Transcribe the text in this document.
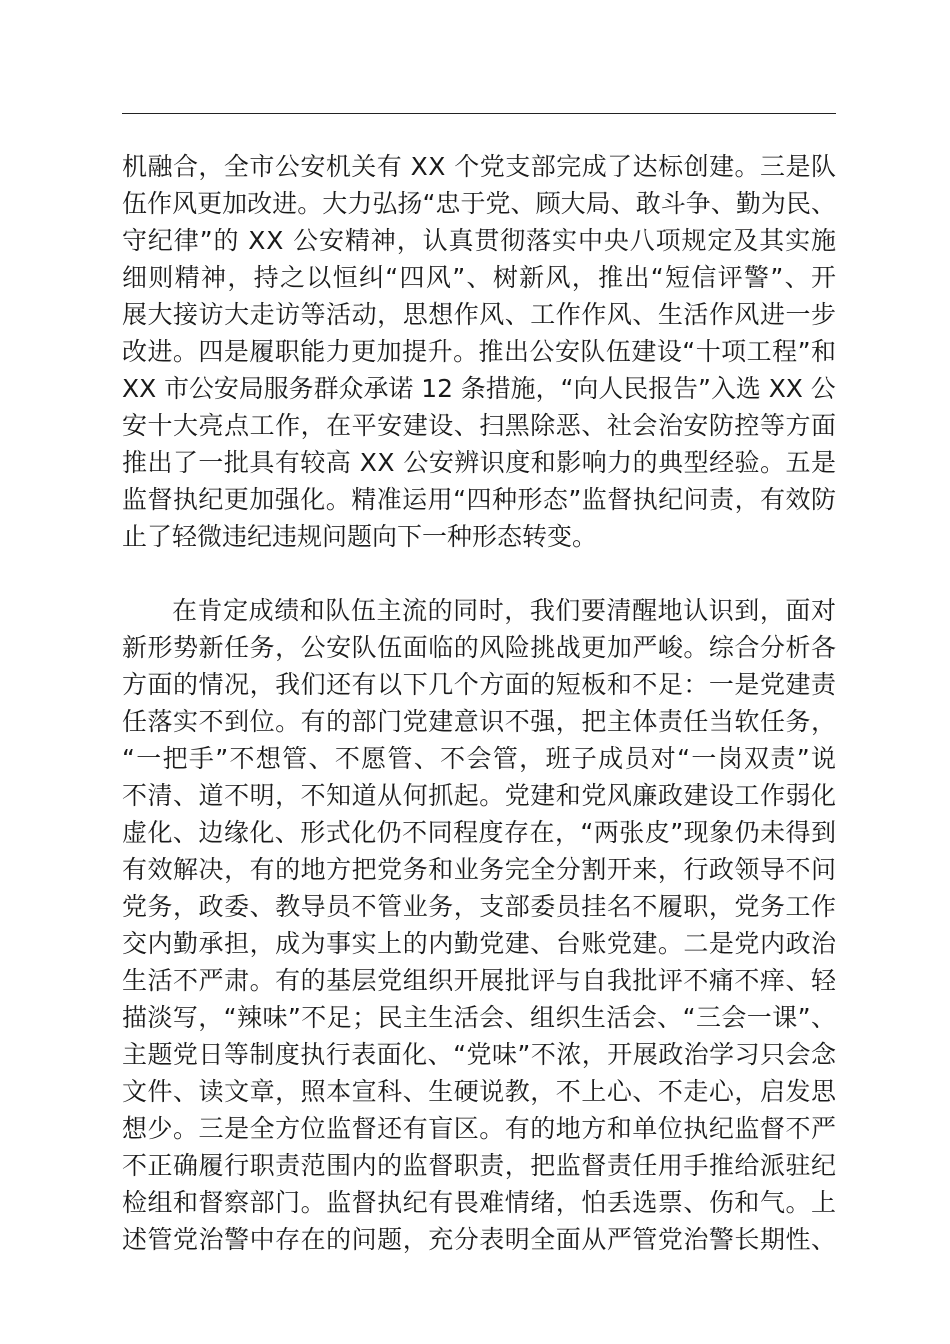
机融合，全市公安机关有 XX 个党支部完成了达标创建。三是队
伍作风更加改进。大力弘扬“忠于党、顾大局、敢斗争、勤为民、
守纪律”的 XX 公安精神，认真贯彻落实中央八项规定及其实施
细则精神，持之以恒纠“四风”、树新风，推出“短信评警”、开
展大接访大走访等活动，思想作风、工作作风、生活作风进一步
改进。四是履职能力更加提升。推出公安队伍建设“十项工程”和
XX 市公安局服务群众承诺 12 条措施，“向人民报告”入选 XX 公
安十大亮点工作，在平安建设、扫黑除恶、社会治安防控等方面
推出了一批具有较高 XX 公安辨识度和影响力的典型经验。五是
监督执纪更加强化。精准运用“四种形态”监督执纪问责，有效防
止了轻微违纪违规问题向下一种形态转变。
在肯定成绩和队伍主流的同时，我们要清醒地认识到，面对
新形势新任务，公安队伍面临的风险挑战更加严峻。综合分析各
方面的情况，我们还有以下几个方面的短板和不足：一是党建责
任落实不到位。有的部门党建意识不强，把主体责任当软任务，
“一把手”不想管、不愿管、不会管，班子成员对“一岗双责”说
不清、道不明，不知道从何抓起。党建和党风廉政建设工作弱化
虚化、边缘化、形式化仍不同程度存在，“两张皮”现象仍未得到
有效解决，有的地方把党务和业务完全分割开来，行政领导不问
党务，政委、教导员不管业务，支部委员挂名不履职，党务工作
交内勤承担，成为事实上的内勤党建、台账党建。二是党内政治
生活不严肃。有的基层党组织开展批评与自我批评不痛不痒、轻
描淡写，“辣味”不足；民主生活会、组织生活会、“三会一课”、
主题党日等制度执行表面化、“党味”不浓，开展政治学习只会念
文件、读文章，照本宣科、生硬说教，不上心、不走心，启发思
想少。三是全方位监督还有盲区。有的地方和单位执纪监督不严
不正确履行职责范围内的监督职责，把监督责任用手推给派驻纪
检组和督察部门。监督执纪有畏难情绪，怕丢选票、伤和气。上
述管党治警中存在的问题，充分表明全面从严管党治警长期性、
